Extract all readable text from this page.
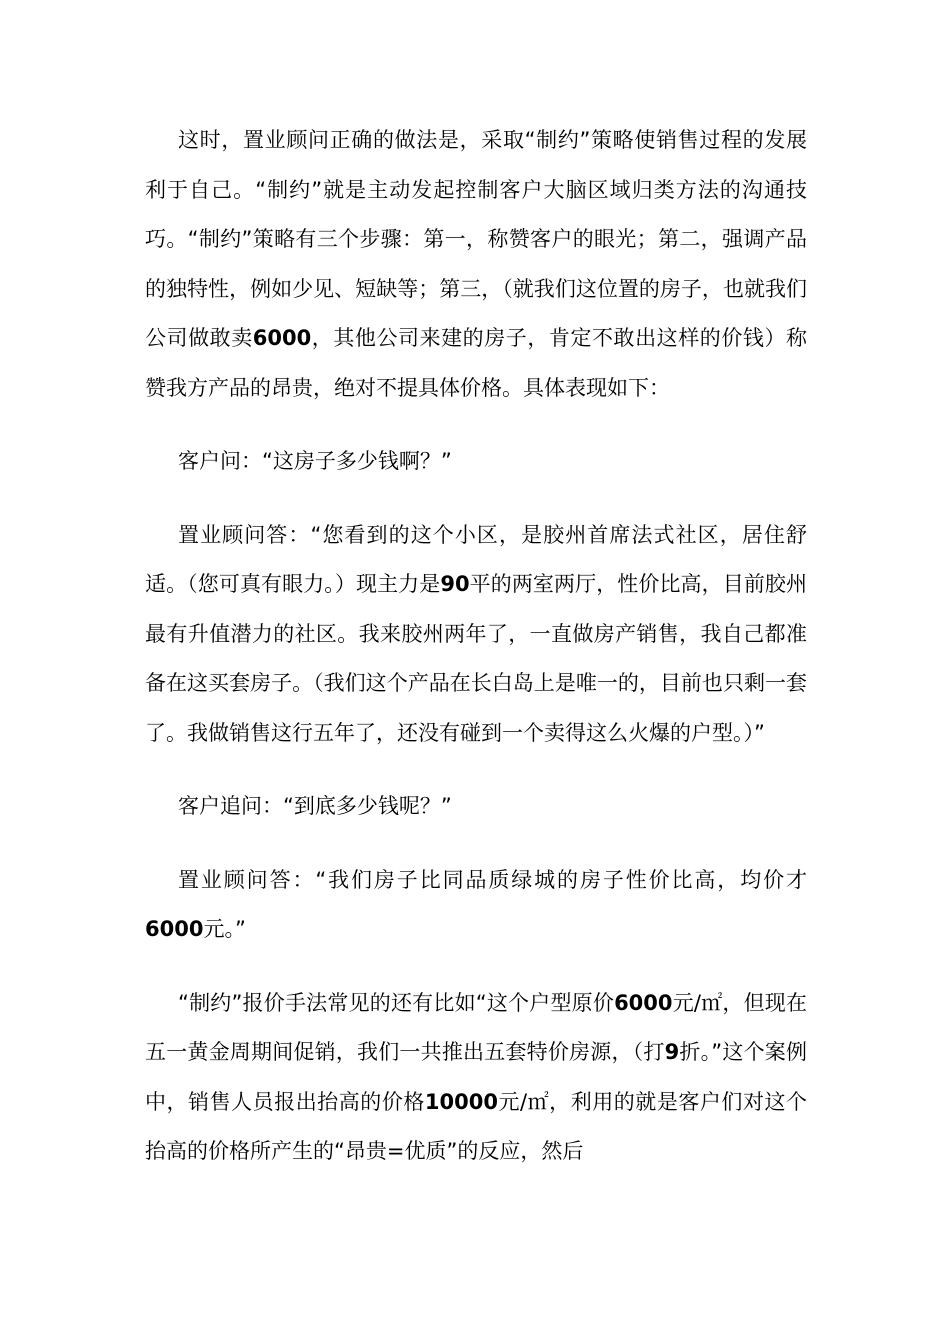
这时，置业顾问正确的做法是，采取“制约”策略使销售过程的发展利于自己。“制约”就是主动发起控制客户大脑区域归类方法的沟通技巧。“制约”策略有三个步骤：第一，称赞客户的眼光；第二，强调产品的独特性，例如少见、短缺等；第三，（就我们这位置的房子，也就我们公司做敢卖6000，其他公司来建的房子，肯定不敢出这样的价钱）称赞我方产品的昂贵，绝对不提具体价格。具体表现如下：

客户问：“这房子多少钱啊？”

置业顾问答：“您看到的这个小区，是胶州首席法式社区，居住舒适。（您可真有眼力。）现主力是90平的两室两厅，性价比高，目前胶州最有升值潜力的社区。我来胶州两年了，一直做房产销售，我自己都准备在这买套房子。（我们这个产品在长白岛上是唯一的，目前也只剩一套了。我做销售这行五年了，还没有碰到一个卖得这么火爆的户型。）”

客户追问：“到底多少钱呢？”

置业顾问答：“我们房子比同品质绿城的房子性价比高，均价才6000元。”

“制约”报价手法常见的还有比如“这个户型原价6000元/㎡，但现在五一黄金周期间促销，我们一共推出五套特价房源，（打9折。”这个案例中，销售人员报出抬高的价格10000元/㎡，利用的就是客户们对这个抬高的价格所产生的“昂贵=优质”的反应，然后
